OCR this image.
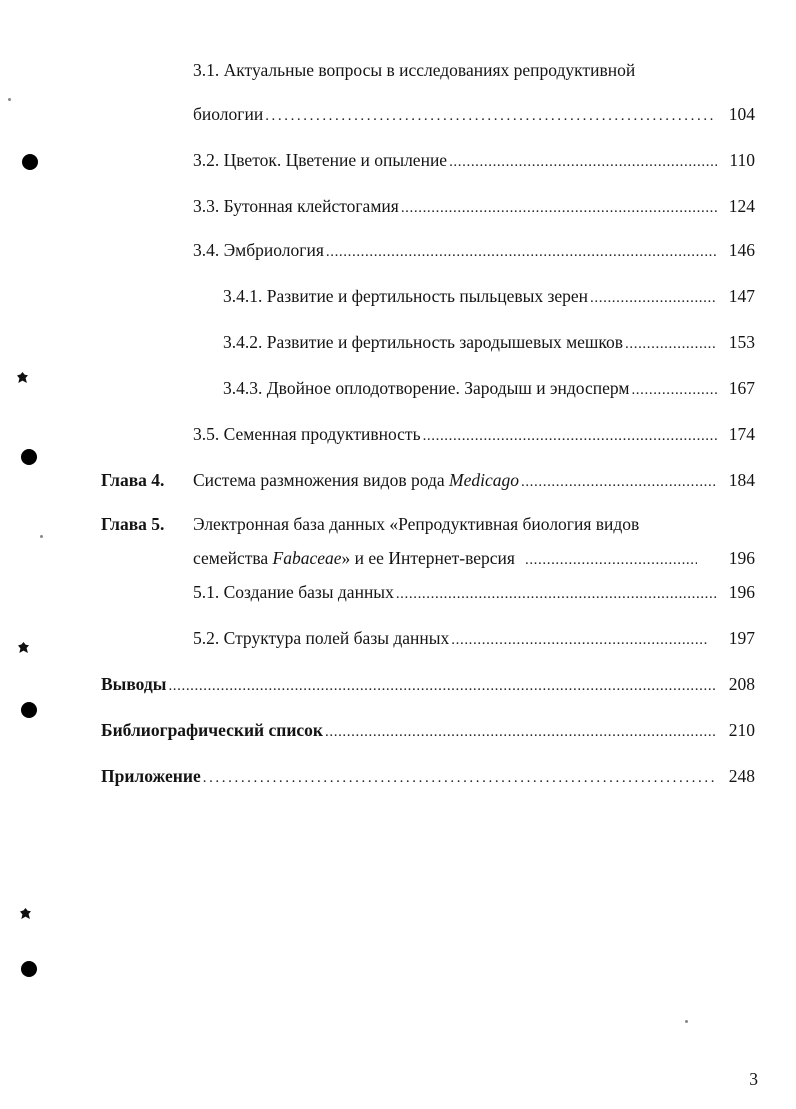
3.1. Актуальные вопросы в исследованиях репродуктивной
биологии .....	104
3.2. Цветок. Цветение и опыление .....	110
3.3. Бутонная клейстогамия .....	124
3.4. Эмбриология .....	146
3.4.1. Развитие и фертильность пыльцевых зерен .....	147
3.4.2. Развитие и фертильность зародышевых мешков .....	153
3.4.3. Двойное оплодотворение. Зародыш и эндосперм .....	167
3.5. Семенная продуктивность .....	174
Глава 4. Система размножения видов рода Medicago .....	184
Глава 5. Электронная база данных «Репродуктивная биология видов
семейства Fabaceae» и ее Интернет-версия .....	196
5.1. Создание базы данных .....	196
5.2. Структура полей базы данных .....	197
Выводы .....	208
Библиографический список .....	210
Приложение .....	248
3
